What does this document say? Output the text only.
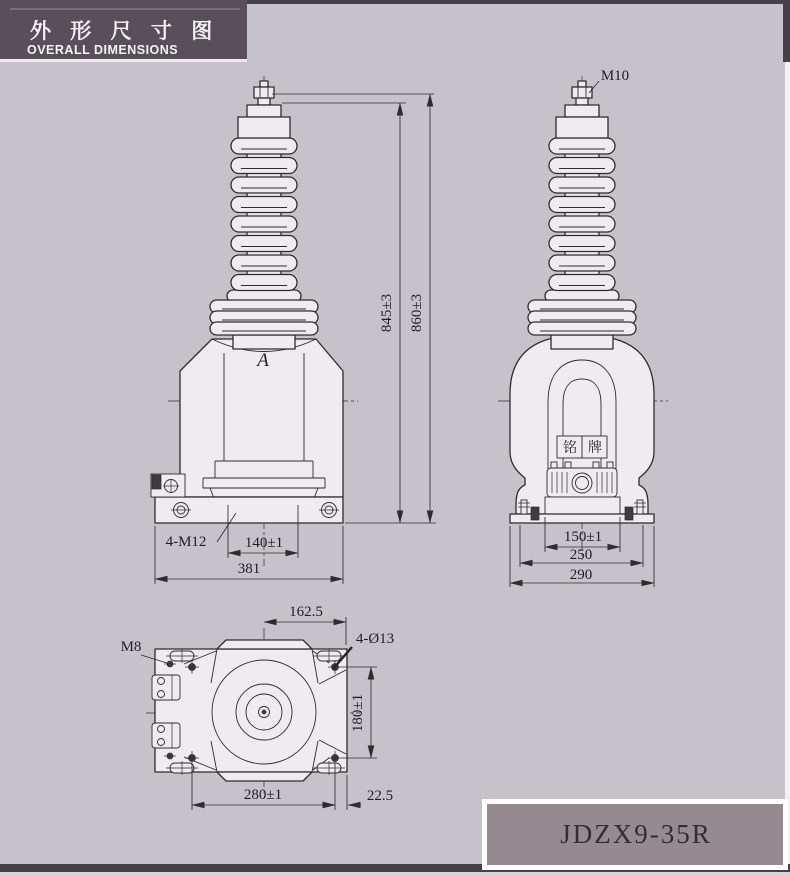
外 形 尺 寸 图
OVERALL DIMENSIONS
A
845±3 860±3
381
140±1
4-M12
铭 牌
M10
150±1
250
290
162.5
4-Ø13
M8
180±1
280±1	22.5
JDZX9-35R
